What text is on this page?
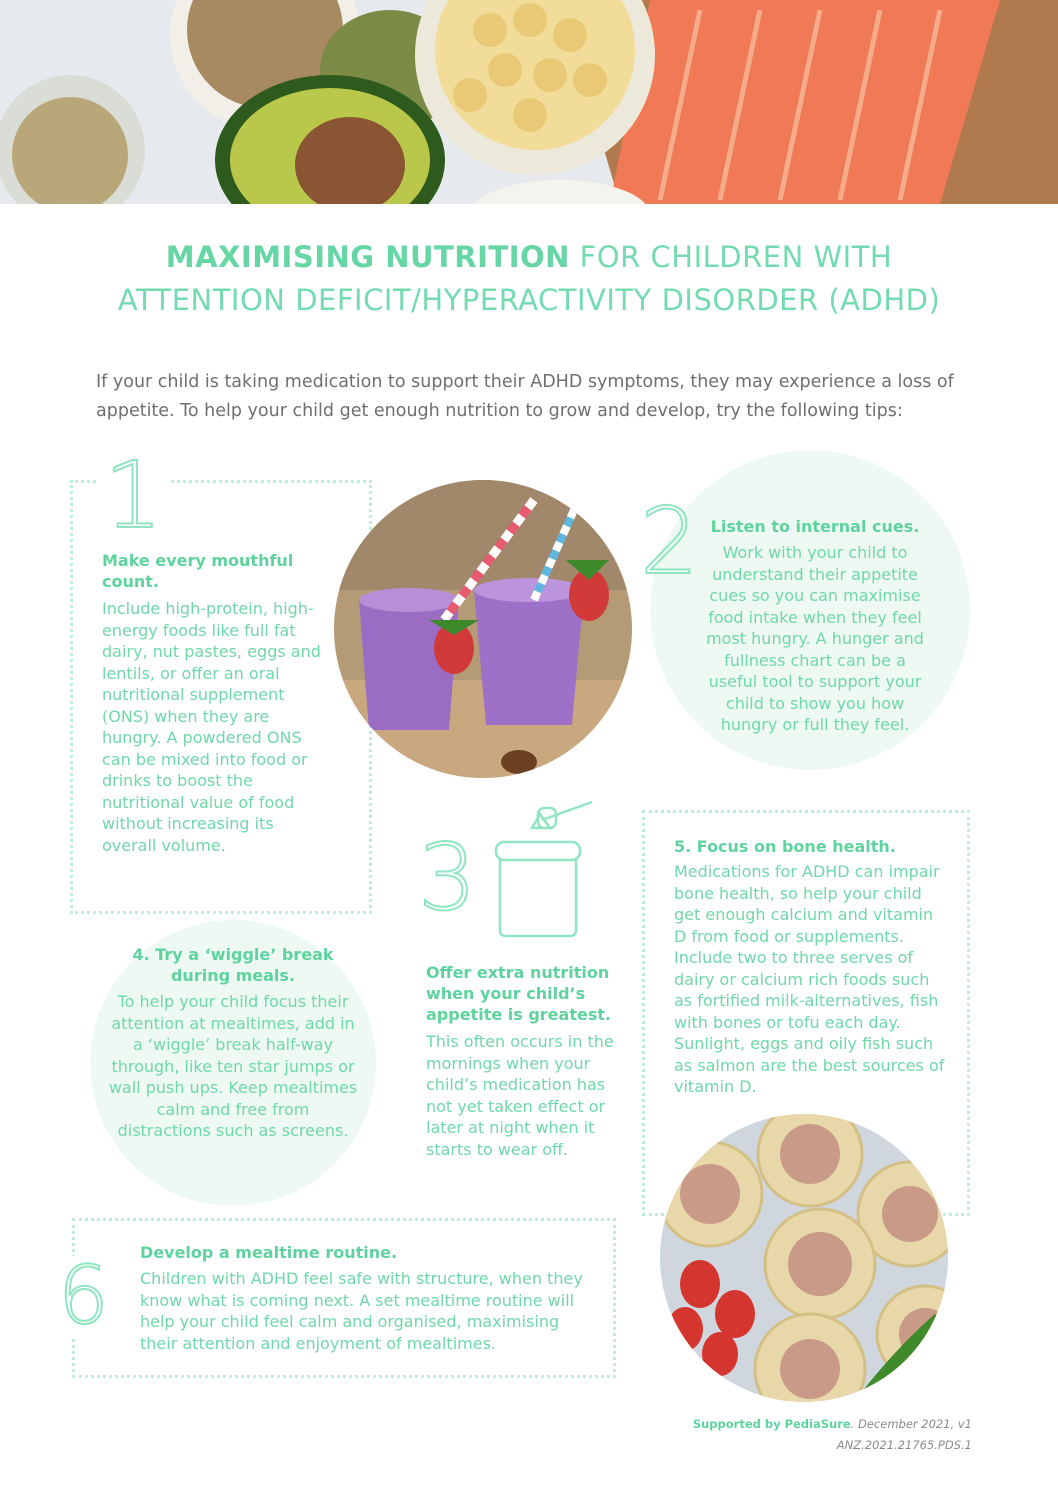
MAXIMISING NUTRITION FOR CHILDREN WITH
ATTENTION DEFICIT/HYPERACTIVITY DISORDER (ADHD)
If your child is taking medication to support their ADHD symptoms, they may experience a loss of appetite. To help your child get enough nutrition to grow and develop, try the following tips:
1
Make every mouthful count.
Include high-protein, high-energy foods like full fat dairy, nut pastes, eggs and lentils, or offer an oral nutritional supplement (ONS) when they are hungry. A powdered ONS can be mixed into food or drinks to boost the nutritional value of food without increasing its overall volume.
2 Listen to internal cues.
Work with your child to understand their appetite cues so you can maximise food intake when they feel most hungry. A hunger and fullness chart can be a useful tool to support your child to show you how hungry or full they feel.
3
Offer extra nutrition when your child’s appetite is greatest.
This often occurs in the mornings when your child’s medication has not yet taken effect or later at night when it starts to wear off.
4. Try a ‘wiggle’ break during meals.
To help your child focus their attention at mealtimes, add in a ‘wiggle’ break half-way through, like ten star jumps or wall push ups. Keep mealtimes calm and free from distractions such as screens.
5. Focus on bone health.
Medications for ADHD can impair bone health, so help your child get enough calcium and vitamin D from food or supplements. Include two to three serves of dairy or calcium rich foods such as fortified milk-alternatives, fish with bones or tofu each day. Sunlight, eggs and oily fish such as salmon are the best sources of vitamin D.
6 Develop a mealtime routine.
Children with ADHD feel safe with structure, when they know what is coming next. A set mealtime routine will help your child feel calm and organised, maximising their attention and enjoyment of mealtimes.
Supported by PediaSure. December 2021, v1
ANZ.2021.21765.PDS.1
